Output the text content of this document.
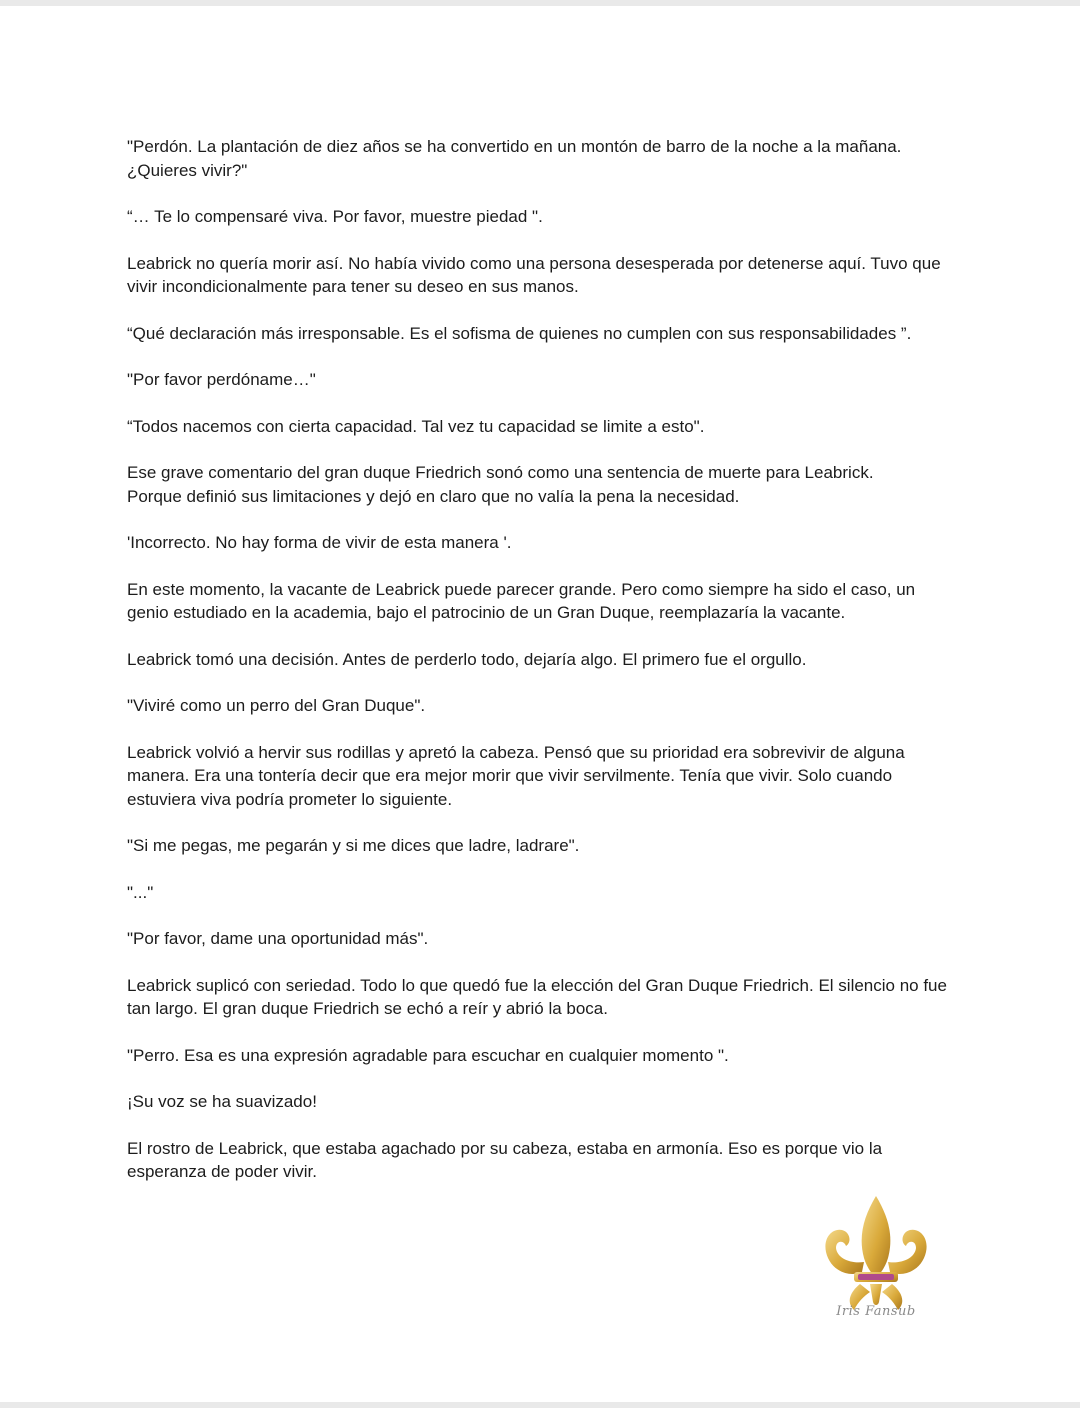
"Perdón. La plantación de diez años se ha convertido en un montón de barro de la noche a la mañana.
¿Quieres vivir?"

“… Te lo compensaré viva. Por favor, muestre piedad ".

Leabrick no quería morir así. No había vivido como una persona desesperada por detenerse aquí. Tuvo que vivir incondicionalmente para tener su deseo en sus manos.

“Qué declaración más irresponsable. Es el sofisma de quienes no cumplen con sus responsabilidades ”.

"Por favor perdóname…"

“Todos nacemos con cierta capacidad. Tal vez tu capacidad se limite a esto".

Ese grave comentario del gran duque Friedrich sonó como una sentencia de muerte para Leabrick.
Porque definió sus limitaciones y dejó en claro que no valía la pena la necesidad.

'Incorrecto. No hay forma de vivir de esta manera '.

En este momento, la vacante de Leabrick puede parecer grande. Pero como siempre ha sido el caso, un genio estudiado en la academia, bajo el patrocinio de un Gran Duque, reemplazaría la vacante.

Leabrick tomó una decisión. Antes de perderlo todo, dejaría algo. El primero fue el orgullo.

"Viviré como un perro del Gran Duque".

Leabrick volvió a hervir sus rodillas y apretó la cabeza. Pensó que su prioridad era sobrevivir de alguna manera. Era una tontería decir que era mejor morir que vivir servilmente. Tenía que vivir. Solo cuando estuviera viva podría prometer lo siguiente.

"Si me pegas, me pegarán y si me dices que ladre, ladrare".

"..."

"Por favor, dame una oportunidad más".

Leabrick suplicó con seriedad. Todo lo que quedó fue la elección del Gran Duque Friedrich. El silencio no fue tan largo. El gran duque Friedrich se echó a reír y abrió la boca.

"Perro. Esa es una expresión agradable para escuchar en cualquier momento ".

¡Su voz se ha suavizado!

El rostro de Leabrick, que estaba agachado por su cabeza, estaba en armonía. Eso es porque vio la esperanza de poder vivir.

Iris Fansub
